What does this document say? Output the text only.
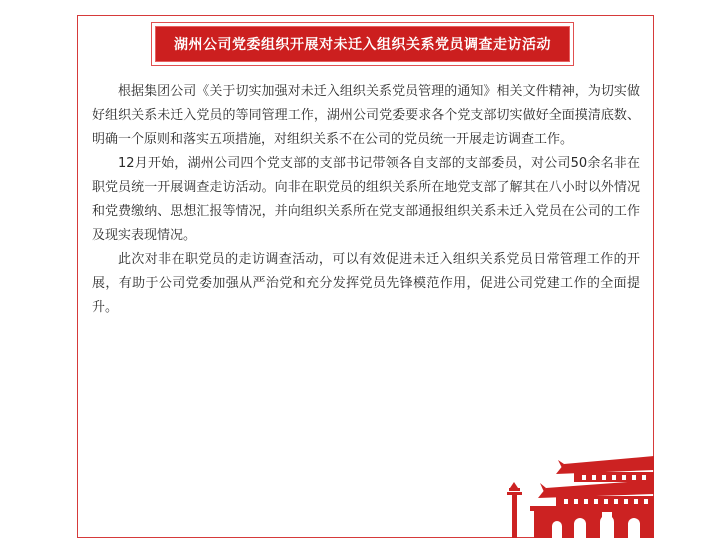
湖州公司党委组织开展对未迁入组织关系党员调查走访活动

根据集团公司《关于切实加强对未迁入组织关系党员管理的通知》相关文件精神，为切实做好组织关系未迁入党员的等同管理工作，湖州公司党委要求各个党支部切实做好全面摸清底数、明确一个原则和落实五项措施，对组织关系不在公司的党员统一开展走访调查工作。

12月开始，湖州公司四个党支部的支部书记带领各自支部的支部委员，对公司50余名非在职党员统一开展调查走访活动。向非在职党员的组织关系所在地党支部了解其在八小时以外情况和党费缴纳、思想汇报等情况，并向组织关系所在党支部通报组织关系未迁入党员在公司的工作及现实表现情况。

此次对非在职党员的走访调查活动，可以有效促进未迁入组织关系党员日常管理工作的开展，有助于公司党委加强从严治党和充分发挥党员先锋模范作用，促进公司党建工作的全面提升。
